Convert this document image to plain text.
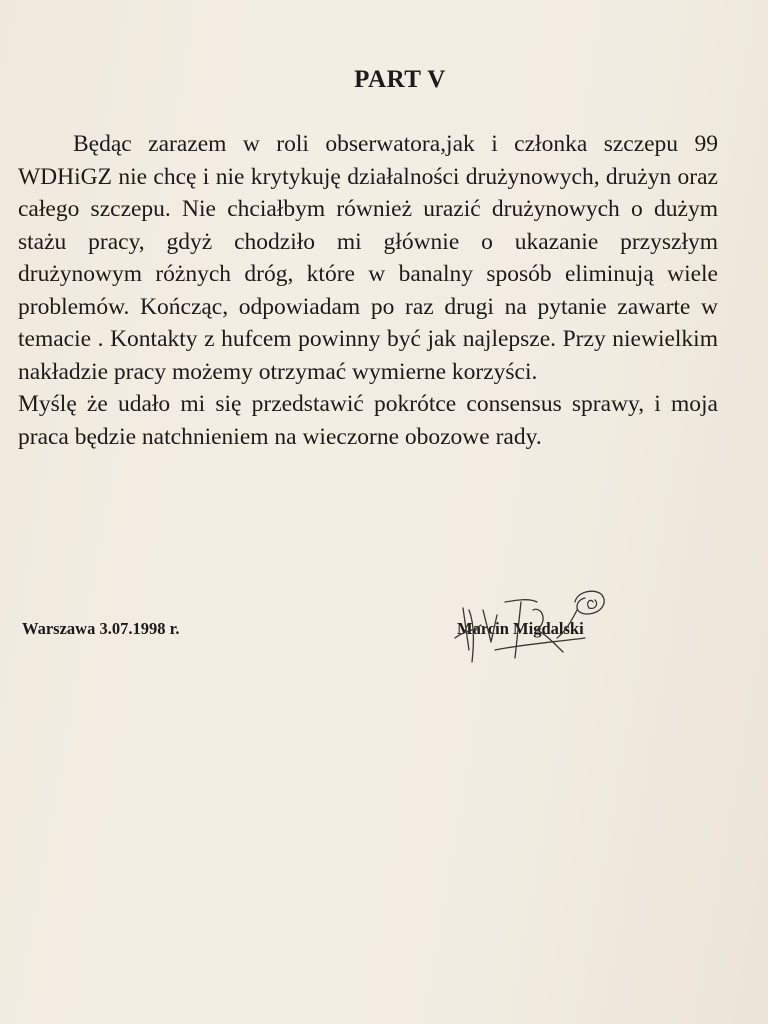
PART V

Będąc zarazem w roli obserwatora,jak i członka szczepu 99 WDHiGZ nie chcę i nie krytykuję działalności drużynowych, drużyn oraz całego szczepu. Nie chciałbym również urazić drużynowych o dużym stażu pracy, gdyż chodziło mi głównie o ukazanie przyszłym drużynowym różnych dróg, które w banalny sposób eliminują wiele problemów. Kończąc, odpowiadam po raz drugi na pytanie zawarte w temacie . Kontakty z hufcem powinny być jak najlepsze. Przy niewielkim nakładzie pracy możemy otrzymać wymierne korzyści.

Myślę że udało mi się przedstawić pokrótce consensus sprawy, i moja praca będzie natchnieniem na wieczorne obozowe rady.

Warszawa 3.07.1998 r.	Marcin Migdalski
